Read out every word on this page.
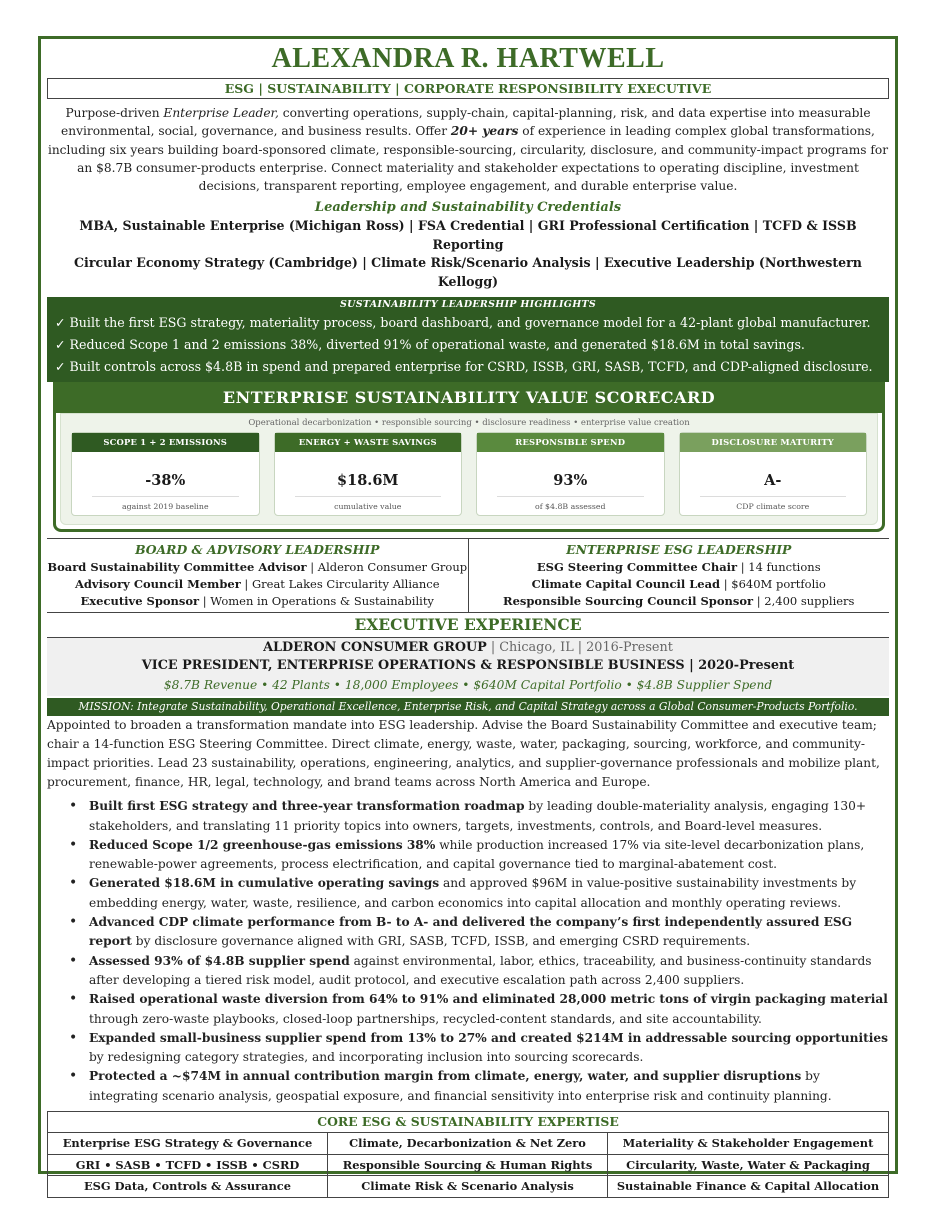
ALEXANDRA R. HARTWELL
ESG | SUSTAINABILITY | CORPORATE RESPONSIBILITY EXECUTIVE
Purpose-driven Enterprise Leader, converting operations, supply-chain, capital-planning, risk, and data expertise into measurable environmental, social, governance, and business results. Offer 20+ years of experience in leading complex global transformations, including six years building board-sponsored climate, responsible-sourcing, circularity, disclosure, and community-impact programs for an $8.7B consumer-products enterprise. Connect materiality and stakeholder expectations to operating discipline, investment decisions, transparent reporting, employee engagement, and durable enterprise value.
Leadership and Sustainability Credentials
MBA, Sustainable Enterprise (Michigan Ross) | FSA Credential | GRI Professional Certification | TCFD & ISSB Reporting
Circular Economy Strategy (Cambridge) | Climate Risk/Scenario Analysis | Executive Leadership (Northwestern Kellogg)
SUSTAINABILITY LEADERSHIP HIGHLIGHTS
✓ Built the first ESG strategy, materiality process, board dashboard, and governance model for a 42-plant global manufacturer.
✓ Reduced Scope 1 and 2 emissions 38%, diverted 91% of operational waste, and generated $18.6M in total savings.
✓ Built controls across $4.8B in spend and prepared enterprise for CSRD, ISSB, GRI, SASB, TCFD, and CDP-aligned disclosure.
ENTERPRISE SUSTAINABILITY VALUE SCORECARD
Operational decarbonization • responsible sourcing • disclosure readiness • enterprise value creation
SCOPE 1 + 2 EMISSIONS
-38%
against 2019 baseline
ENERGY + WASTE SAVINGS
$18.6M
cumulative value
RESPONSIBLE SPEND
93%
of $4.8B assessed
DISCLOSURE MATURITY
A-
CDP climate score
BOARD & ADVISORY LEADERSHIP
Board Sustainability Committee Advisor | Alderon Consumer Group
Advisory Council Member | Great Lakes Circularity Alliance
Executive Sponsor | Women in Operations & Sustainability
ENTERPRISE ESG LEADERSHIP
ESG Steering Committee Chair | 14 functions
Climate Capital Council Lead | $640M portfolio
Responsible Sourcing Council Sponsor | 2,400 suppliers
EXECUTIVE EXPERIENCE
ALDERON CONSUMER GROUP | Chicago, IL | 2016-Present
VICE PRESIDENT, ENTERPRISE OPERATIONS & RESPONSIBLE BUSINESS | 2020-Present
$8.7B Revenue • 42 Plants • 18,000 Employees • $640M Capital Portfolio • $4.8B Supplier Spend
MISSION: Integrate Sustainability, Operational Excellence, Enterprise Risk, and Capital Strategy across a Global Consumer-Products Portfolio.
Appointed to broaden a transformation mandate into ESG leadership. Advise the Board Sustainability Committee and executive team; chair a 14-function ESG Steering Committee. Direct climate, energy, waste, water, packaging, sourcing, workforce, and community-impact priorities. Lead 23 sustainability, operations, engineering, analytics, and supplier-governance professionals and mobilize plant, procurement, finance, HR, legal, technology, and brand teams across North America and Europe.
• Built first ESG strategy and three-year transformation roadmap by leading double-materiality analysis, engaging 130+ stakeholders, and translating 11 priority topics into owners, targets, investments, controls, and Board-level measures.
• Reduced Scope 1/2 greenhouse-gas emissions 38% while production increased 17% via site-level decarbonization plans, renewable-power agreements, process electrification, and capital governance tied to marginal-abatement cost.
• Generated $18.6M in cumulative operating savings and approved $96M in value-positive sustainability investments by embedding energy, water, waste, resilience, and carbon economics into capital allocation and monthly operating reviews.
• Advanced CDP climate performance from B- to A- and delivered the company’s first independently assured ESG report by disclosure governance aligned with GRI, SASB, TCFD, ISSB, and emerging CSRD requirements.
• Assessed 93% of $4.8B supplier spend against environmental, labor, ethics, traceability, and business-continuity standards after developing a tiered risk model, audit protocol, and executive escalation path across 2,400 suppliers.
• Raised operational waste diversion from 64% to 91% and eliminated 28,000 metric tons of virgin packaging material through zero-waste playbooks, closed-loop partnerships, recycled-content standards, and site accountability.
• Expanded small-business supplier spend from 13% to 27% and created $214M in addressable sourcing opportunities by redesigning category strategies, and incorporating inclusion into sourcing scorecards.
• Protected a ~$74M in annual contribution margin from climate, energy, water, and supplier disruptions by integrating scenario analysis, geospatial exposure, and financial sensitivity into enterprise risk and continuity planning.
CORE ESG & SUSTAINABILITY EXPERTISE
Enterprise ESG Strategy & Governance	Climate, Decarbonization & Net Zero	Materiality & Stakeholder Engagement
GRI • SASB • TCFD • ISSB • CSRD	Responsible Sourcing & Human Rights	Circularity, Waste, Water & Packaging
ESG Data, Controls & Assurance	Climate Risk & Scenario Analysis	Sustainable Finance & Capital Allocation
